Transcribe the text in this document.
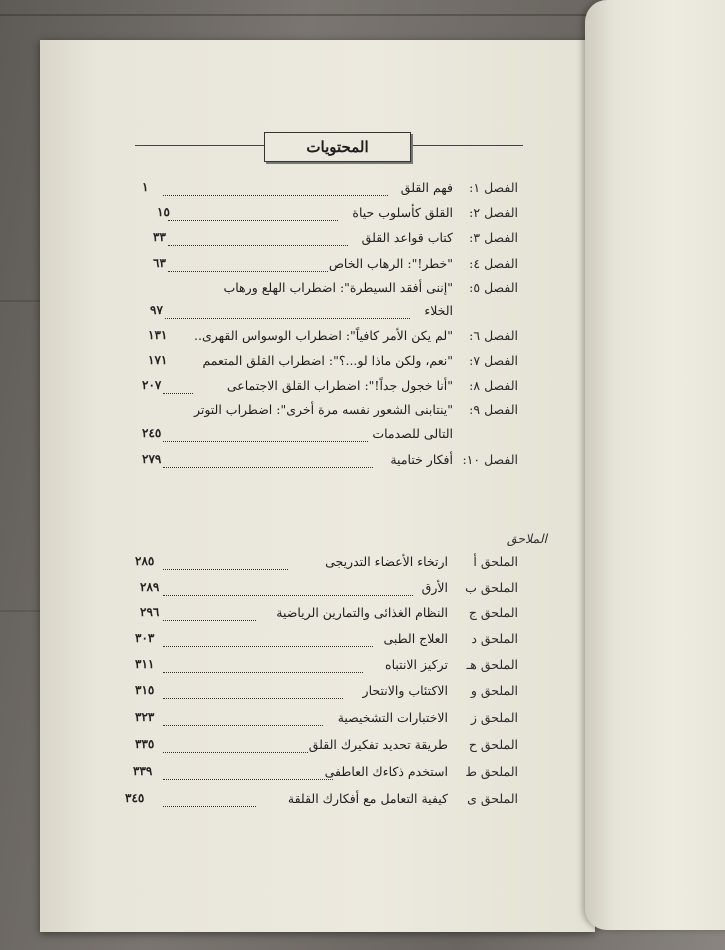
المحتويات
الفصل ١:
فهم القلق
١
الفصل ٢:
القلق كأسلوب حياة
١٥
الفصل ٣:
كتاب قواعد القلق
٣٣
الفصل ٤:
"خطر!": الرهاب الخاص
٦٣
الفصل ٥:
"إننى أفقد السيطرة": اضطراب الهلع ورهاب
الخلاء
٩٧
الفصل ٦:
"لم يكن الأمر كافياً": اضطراب الوسواس القهرى..
١٣١
الفصل ٧:
"نعم، ولكن ماذا لو...؟": اضطراب القلق المتعمم
١٧١
الفصل ٨:
"أنا خجول جداً!": اضطراب القلق الاجتماعى
٢٠٧
الفصل ٩:
"ينتابنى الشعور نفسه مرة أخرى": اضطراب التوتر
التالى للصدمات
٢٤٥
الفصل ١٠:
أفكار ختامية
٢٧٩
الملاحق
الملحق أ
ارتخاء الأعضاء التدريجى
٢٨٥
الملحق ب
الأرق
٢٨٩
الملحق ج
النظام الغذائى والتمارين الرياضية
٢٩٦
الملحق د
العلاج الطبى
٣٠٣
الملحق هـ
تركيز الانتباه
٣١١
الملحق و
الاكتئاب والانتحار
٣١٥
الملحق ز
الاختبارات التشخيصية
٣٢٣
الملحق ح
طريقة تحديد تفكيرك القلق
٣٣٥
الملحق ط
استخدم ذكاءك العاطفى
٣٣٩
الملحق ى
كيفية التعامل مع أفكارك القلقة
٣٤٥
